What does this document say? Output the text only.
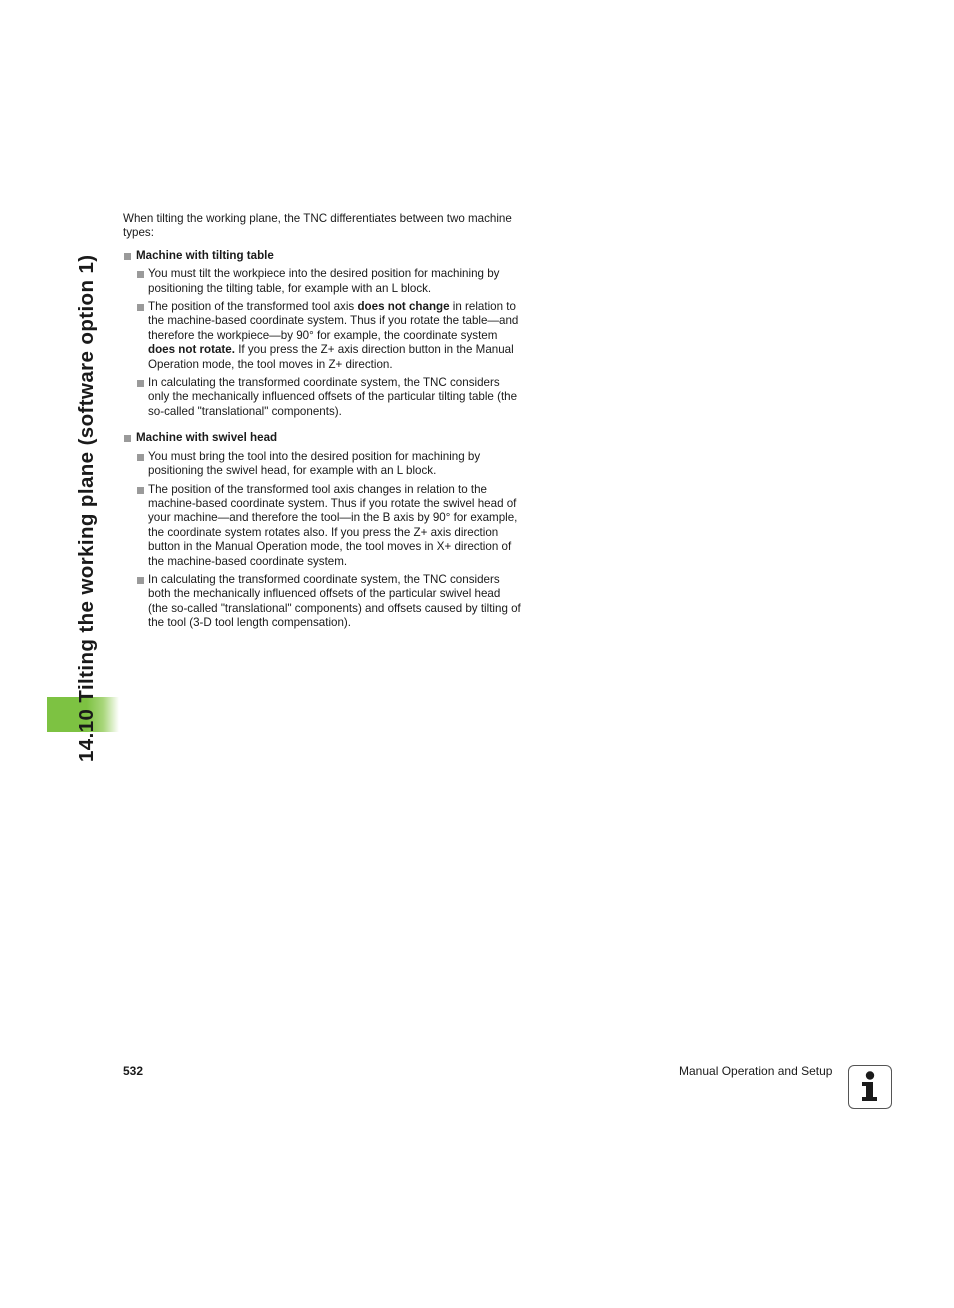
14.10 Tilting the working plane (software option 1)

When tilting the working plane, the TNC differentiates between two machine types:

Machine with tilting table
You must tilt the workpiece into the desired position for machining by positioning the tilting table, for example with an L block.
The position of the transformed tool axis does not change in relation to the machine-based coordinate system. Thus if you rotate the table—and therefore the workpiece—by 90° for example, the coordinate system does not rotate. If you press the Z+ axis direction button in the Manual Operation mode, the tool moves in Z+ direction.
In calculating the transformed coordinate system, the TNC considers only the mechanically influenced offsets of the particular tilting table (the so-called "translational" components).
Machine with swivel head
You must bring the tool into the desired position for machining by positioning the swivel head, for example with an L block.
The position of the transformed tool axis changes in relation to the machine-based coordinate system. Thus if you rotate the swivel head of your machine—and therefore the tool—in the B axis by 90° for example, the coordinate system rotates also. If you press the Z+ axis direction button in the Manual Operation mode, the tool moves in X+ direction of the machine-based coordinate system.
In calculating the transformed coordinate system, the TNC considers both the mechanically influenced offsets of the particular swivel head (the so-called "translational" components) and offsets caused by tilting of the tool (3-D tool length compensation).
532	Manual Operation and Setup
